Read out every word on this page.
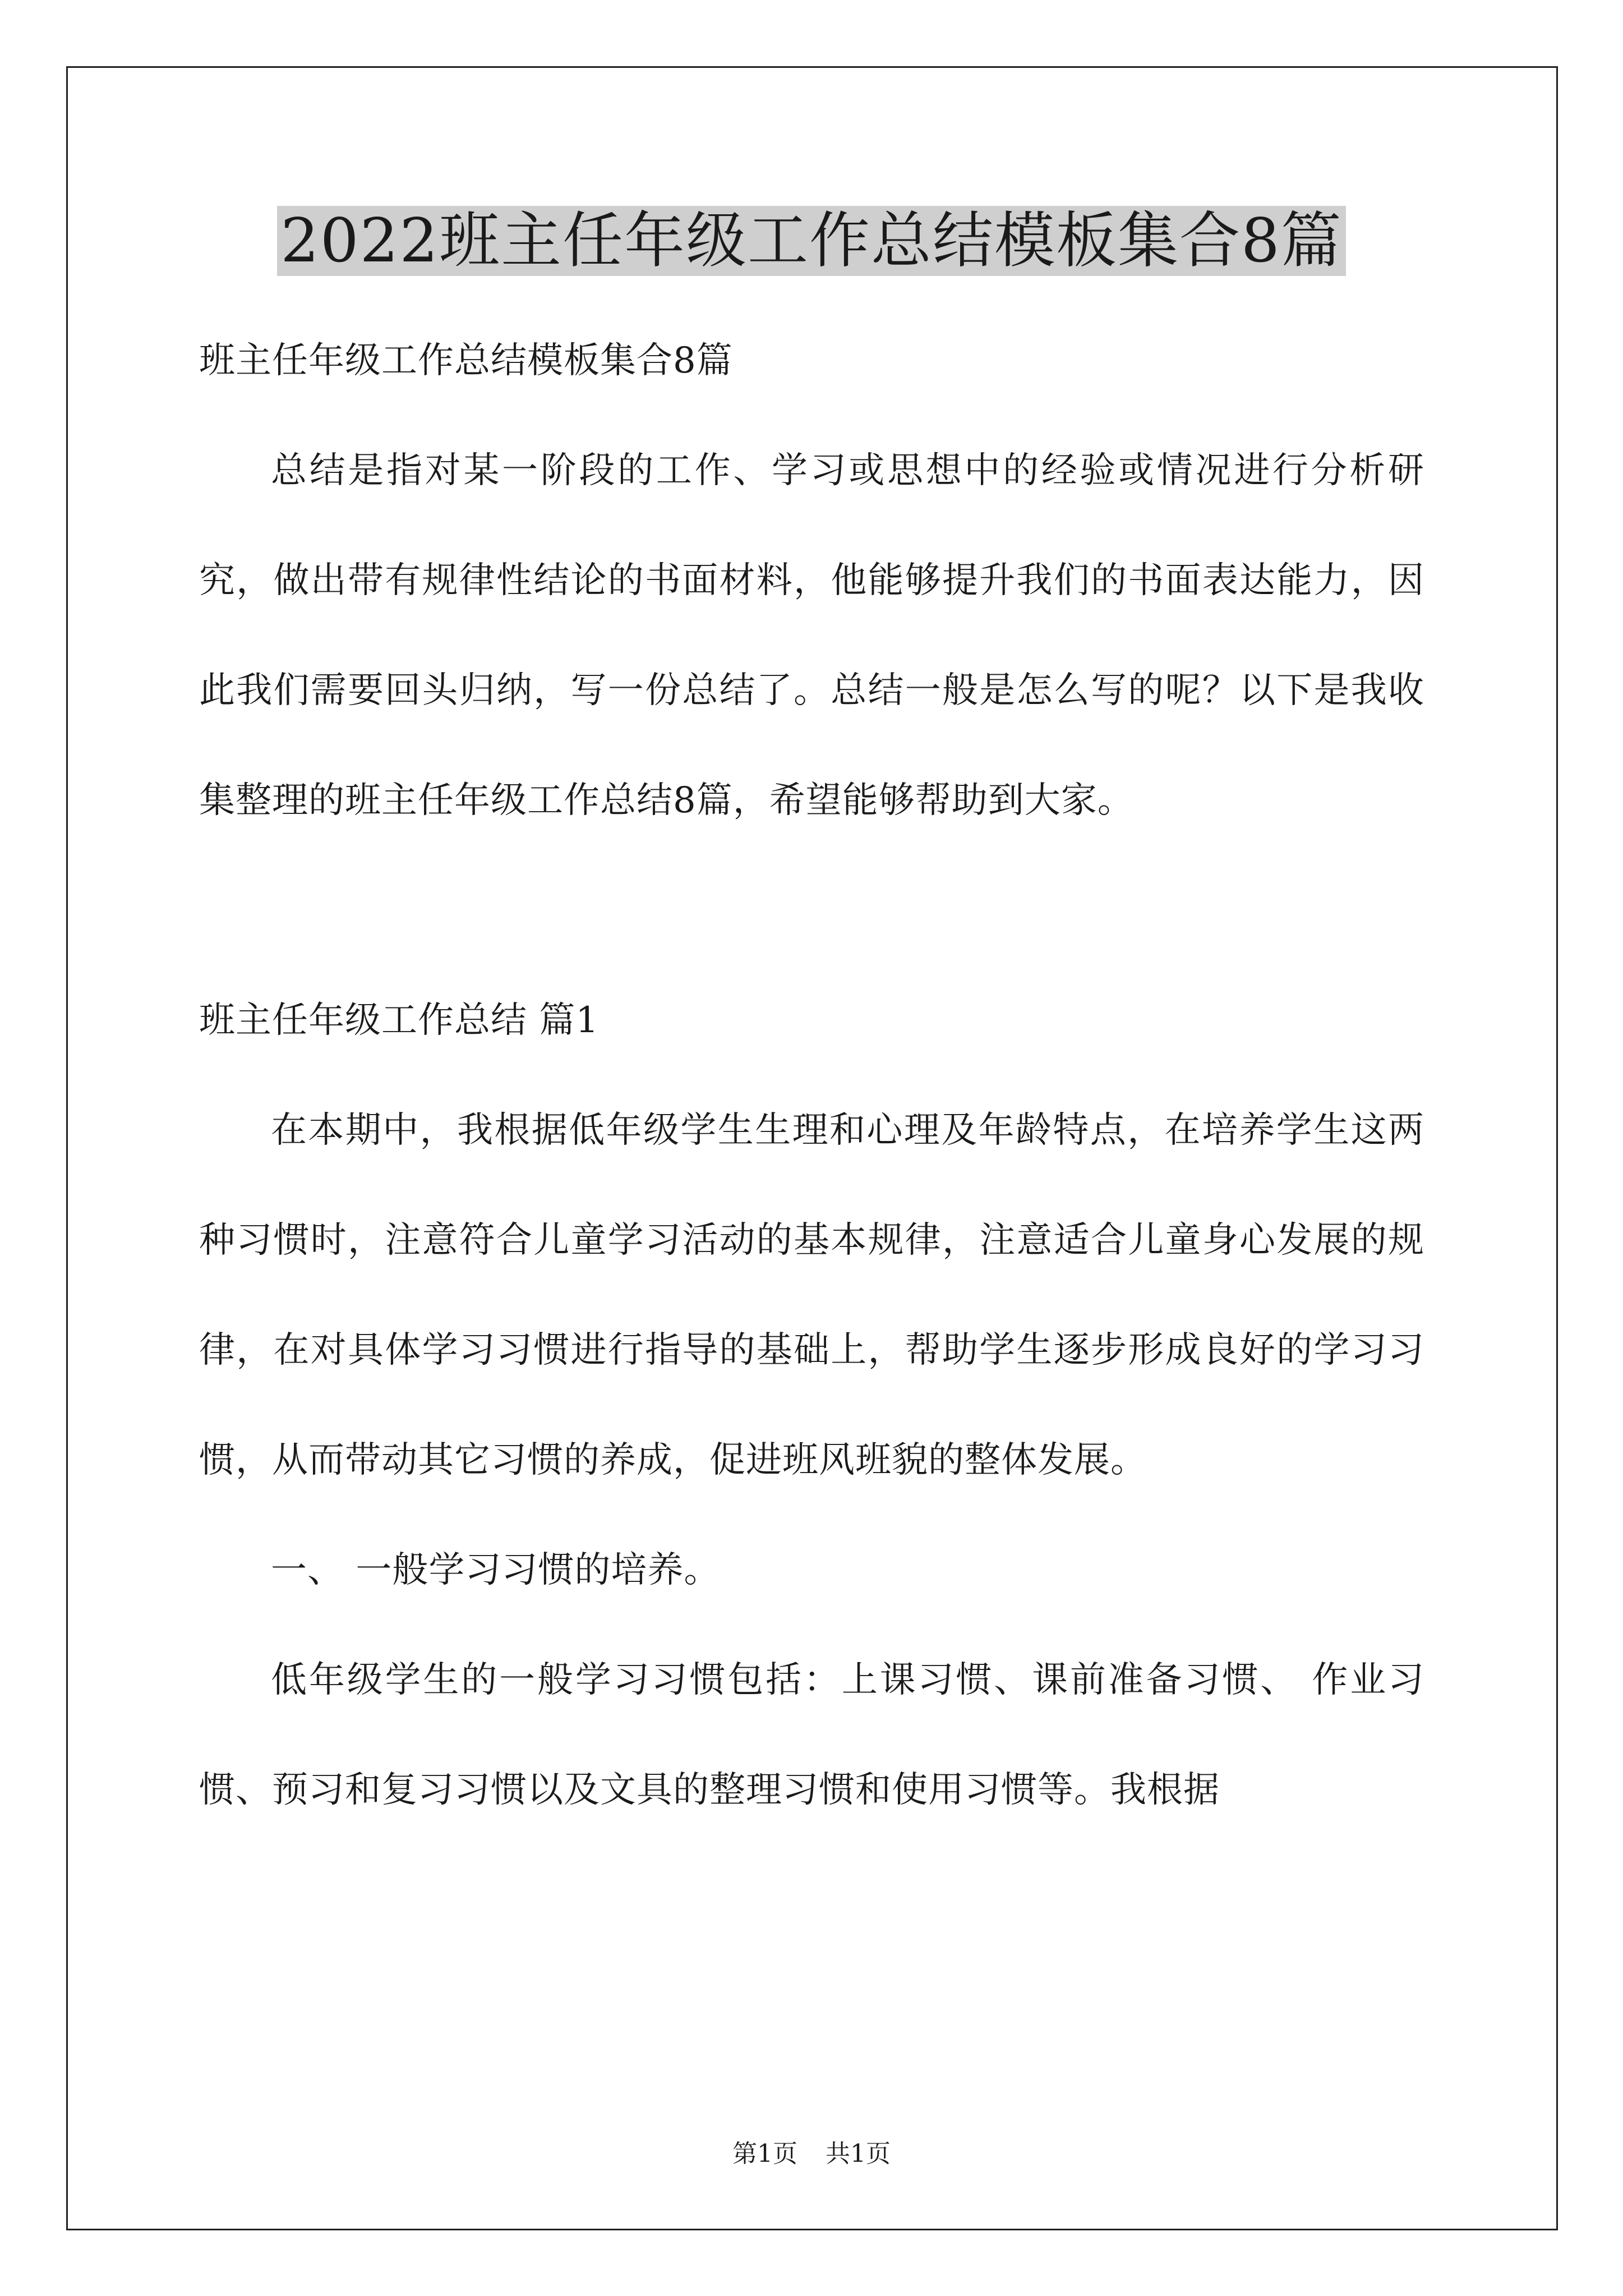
2022班主任年级工作总结模板集合8篇
班主任年级工作总结模板集合8篇

总结是指对某一阶段的工作、学习或思想中的经验或情况进行分析研究，做出带有规律性结论的书面材料，他能够提升我们的书面表达能力，因此我们需要回头归纳，写一份总结了。总结一般是怎么写的呢？以下是我收集整理的班主任年级工作总结8篇，希望能够帮助到大家。

班主任年级工作总结 篇1

在本期中，我根据低年级学生生理和心理及年龄特点，在培养学生这两种习惯时，注意符合儿童学习活动的基本规律，注意适合儿童身心发展的规律，在对具体学习习惯进行指导的基础上，帮助学生逐步形成良好的学习习惯，从而带动其它习惯的养成，促进班风班貌的整体发展。

一、 一般学习习惯的培养。

低年级学生的一般学习习惯包括：上课习惯、课前准备习惯、 作业习惯、预习和复习习惯以及文具的整理习惯和使用习惯等。我根据

第1页 共1页
